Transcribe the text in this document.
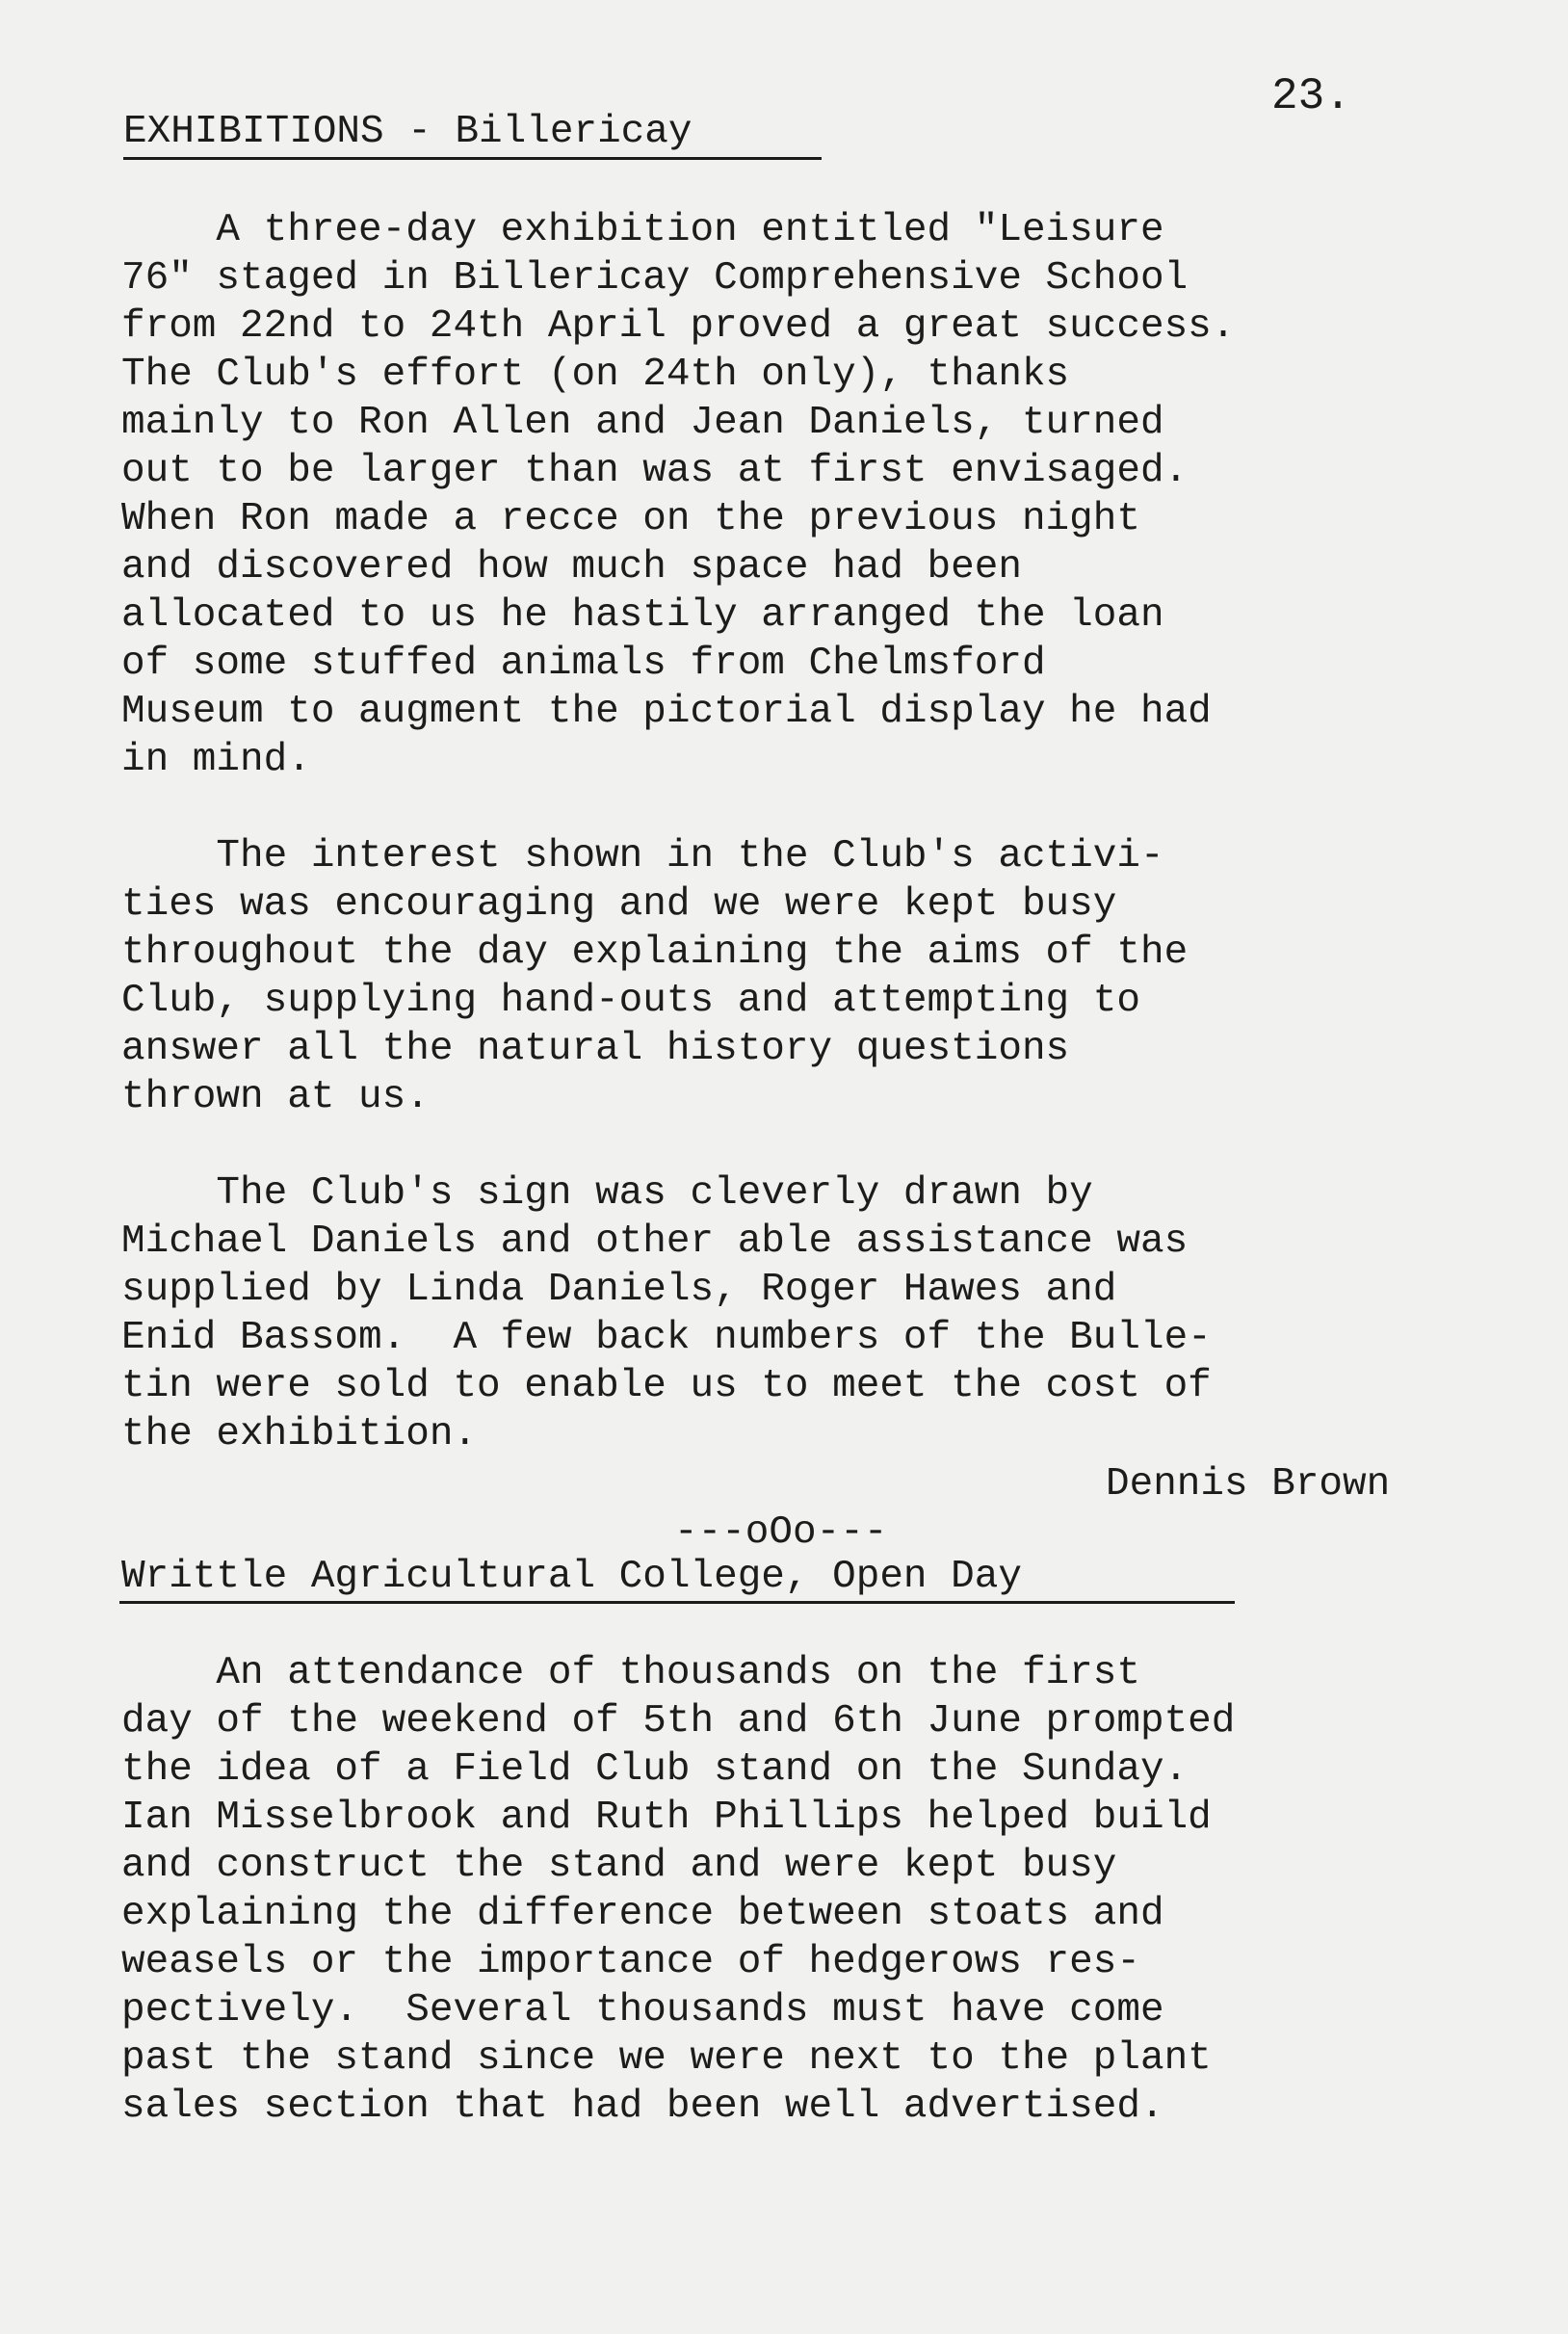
23.
EXHIBITIONS - Billericay
A three-day exhibition entitled "Leisure
76" staged in Billericay Comprehensive School
from 22nd to 24th April proved a great success.
The Club's effort (on 24th only), thanks
mainly to Ron Allen and Jean Daniels, turned
out to be larger than was at first envisaged.
When Ron made a recce on the previous night
and discovered how much space had been
allocated to us he hastily arranged the loan
of some stuffed animals from Chelmsford
Museum to augment the pictorial display he had
in mind.
The interest shown in the Club's activi-
ties was encouraging and we were kept busy
throughout the day explaining the aims of the
Club, supplying hand-outs and attempting to
answer all the natural history questions
thrown at us.
The Club's sign was cleverly drawn by
Michael Daniels and other able assistance was
supplied by Linda Daniels, Roger Hawes and
Enid Bassom.  A few back numbers of the Bulle-
tin were sold to enable us to meet the cost of
the exhibition.
Dennis Brown
---oOo---
Writtle Agricultural College, Open Day
An attendance of thousands on the first
day of the weekend of 5th and 6th June prompted
the idea of a Field Club stand on the Sunday.
Ian Misselbrook and Ruth Phillips helped build
and construct the stand and were kept busy
explaining the difference between stoats and
weasels or the importance of hedgerows res-
pectively.  Several thousands must have come
past the stand since we were next to the plant
sales section that had been well advertised.
